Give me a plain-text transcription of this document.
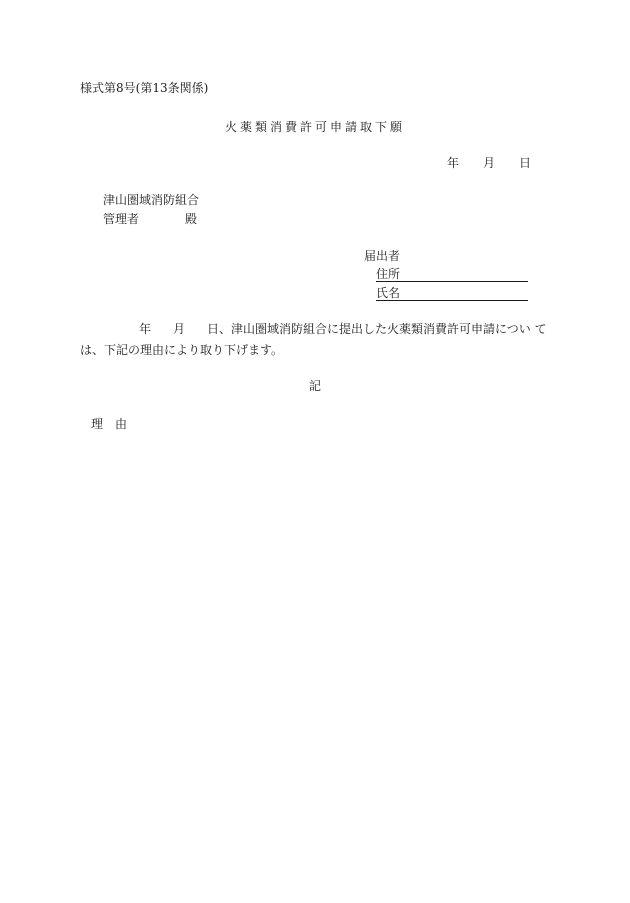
様式第8号(第13条関係)
火薬類消費許可申請取下願
年 月 日
津山圏域消防組合
管理者	殿
届出者
住所
氏名
年 月 日、津山圏域消防組合に提出した火薬類消費許可申請につい て
は、下記の理由により取り下げます。
記
理 由
